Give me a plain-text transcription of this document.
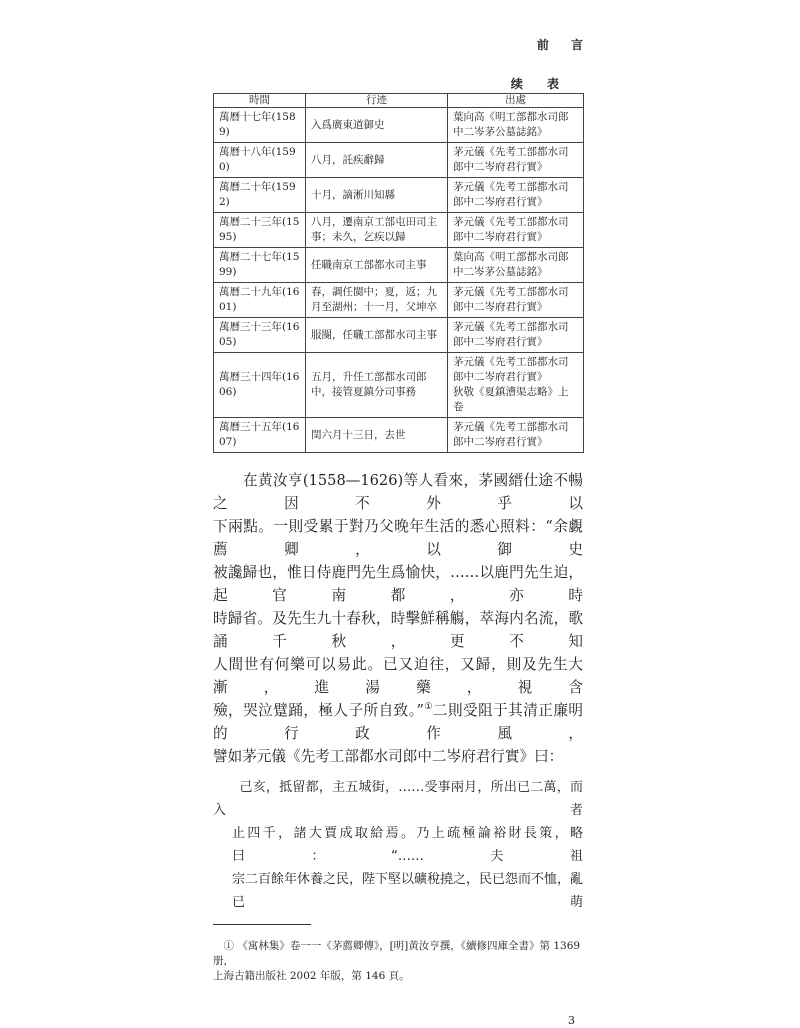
前 言
续 表
時間	行迹	出處
萬曆十七年(1589)	入爲廣東道御史	葉向高《明工部都水司郎中二岑茅公墓誌銘》
萬曆十八年(1590)	八月，託疾辭歸	茅元儀《先考工部都水司郎中二岑府君行實》
萬曆二十年(1592)	十月，謫淅川知縣	茅元儀《先考工部都水司郎中二岑府君行實》
萬曆二十三年(1595)	八月，遷南京工部屯田司主事；未久，乞疾以歸	茅元儀《先考工部都水司郎中二岑府君行實》
萬曆二十七年(1599)	任職南京工部都水司主事	葉向高《明工部都水司郎中二岑茅公墓誌銘》
萬曆二十九年(1601)	春，調任閩中；夏，返；九月至湖州；十一月，父坤卒	茅元儀《先考工部都水司郎中二岑府君行實》
萬曆三十三年(1605)	服闋，任職工部都水司主事	茅元儀《先考工部都水司郎中二岑府君行實》
萬曆三十四年(1606)	五月，升任工部都水司郎中，接管夏鎮分司事務	茅元儀《先考工部都水司郎中二岑府君行實》
狄敬《夏鎮漕渠志略》上卷
萬曆三十五年(1607)	閏六月十三日，去世	茅元儀《先考工部都水司郎中二岑府君行實》
　　在黄汝亨(1558—1626)等人看來，茅國縉仕途不暢之因不外乎以
下兩點。一則受累于對乃父晚年生活的悉心照料：“余覷薦卿，以御史
被讒歸也，惟日侍鹿門先生爲愉快，……以鹿門先生迫，起官南都，亦時
時歸省。及先生九十春秋，時擊鮮稱觴，萃海内名流，歌誦千秋，更不知
人間世有何樂可以易此。已又迫往，又歸，則及先生大漸，進湯藥，視含
殮，哭泣躄踊，極人子所自致。”①二則受阻于其清正廉明的行政作風，
譬如茅元儀《先考工部都水司郎中二岑府君行實》曰：
　　己亥，抵留都，主五城街，……受事兩月，所出已二萬，而入者
止四千，諸大賈成取給焉。乃上疏極論裕財長策，略曰：“……夫祖
宗二百餘年休養之民，陛下堅以礦稅撓之，民已怨而不恤，亂已萌
　① 《寓林集》卷一一《茅薦卿傳》，[明]黄汝亨撰，《續修四庫全書》第 1369 册，
上海古籍出版社 2002 年版，第 146 頁。
3
